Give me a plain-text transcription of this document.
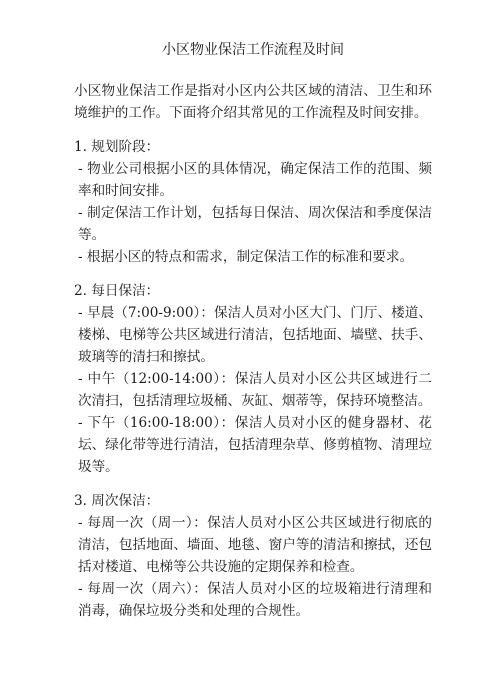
小区物业保洁工作流程及时间

小区物业保洁工作是指对小区内公共区域的清洁、卫生和环境维护的工作。下面将介绍其常见的工作流程及时间安排。

1. 规划阶段：

- 物业公司根据小区的具体情况，确定保洁工作的范围、频率和时间安排。

- 制定保洁工作计划，包括每日保洁、周次保洁和季度保洁等。

- 根据小区的特点和需求，制定保洁工作的标准和要求。

2. 每日保洁：

- 早晨（7:00-9:00）：保洁人员对小区大门、门厅、楼道、楼梯、电梯等公共区域进行清洁，包括地面、墙壁、扶手、玻璃等的清扫和擦拭。

- 中午（12:00-14:00）：保洁人员对小区公共区域进行二次清扫，包括清理垃圾桶、灰缸、烟蒂等，保持环境整洁。

- 下午（16:00-18:00）：保洁人员对小区的健身器材、花坛、绿化带等进行清洁，包括清理杂草、修剪植物、清理垃圾等。

3. 周次保洁：

- 每周一次（周一）：保洁人员对小区公共区域进行彻底的清洁，包括地面、墙面、地毯、窗户等的清洁和擦拭，还包括对楼道、电梯等公共设施的定期保养和检查。

- 每周一次（周六）：保洁人员对小区的垃圾箱进行清理和消毒，确保垃圾分类和处理的合规性。
